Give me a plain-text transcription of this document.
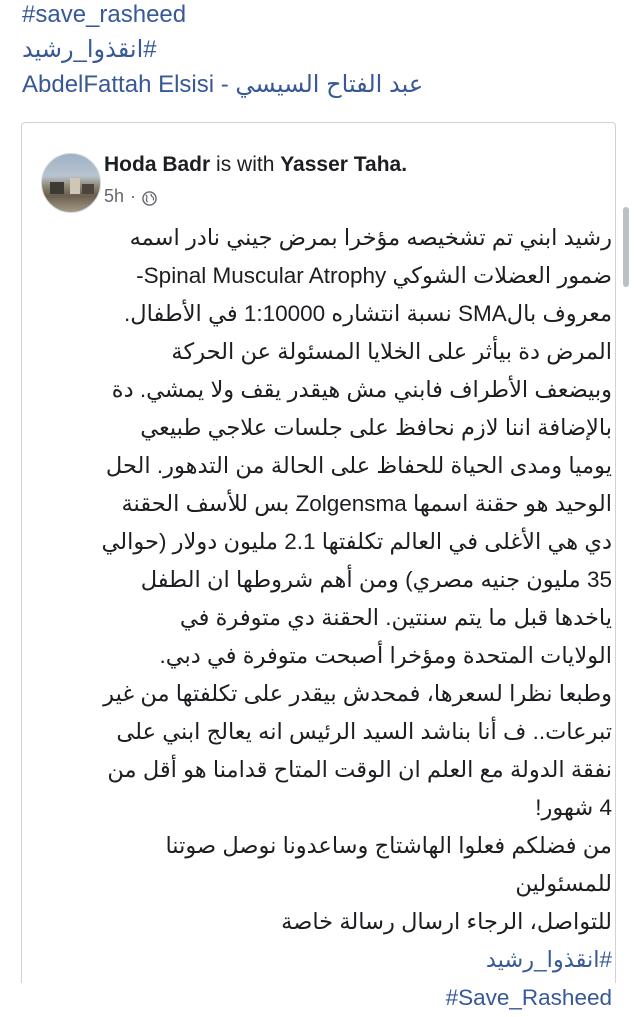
#save_rasheed
#انقذوا_رشيد
AbdelFattah Elsisi - عبد الفتاح السيسي
Hoda Badr is with Yasser Taha.
5h ·
رشيد ابني تم تشخيصه مؤخرا بمرض جيني نادر اسمه
ضمور العضلات الشوكي Spinal Muscular Atrophy-
معروف بالSMA نسبة انتشاره 1:10000 في الأطفال.
المرض دة بيأثر على الخلايا المسئولة عن الحركة
وبيضعف الأطراف فابني مش هيقدر يقف ولا يمشي. دة
بالإضافة اننا لازم نحافظ على جلسات علاجي طبيعي
يوميا ومدى الحياة للحفاظ على الحالة من التدهور. الحل
الوحيد هو حقنة اسمها Zolgensma بس للأسف الحقنة
دي هي الأغلى في العالم تكلفتها 2.1 مليون دولار (حوالي
35 مليون جنيه مصري) ومن أهم شروطها ان الطفل
ياخدها قبل ما يتم سنتين. الحقنة دي متوفرة في
الولايات المتحدة ومؤخرا أصبحت متوفرة في دبي.
وطبعا نظرا لسعرها، فمحدش بيقدر على تكلفتها من غير
تبرعات.. ف أنا بناشد السيد الرئيس انه يعالج ابني على
نفقة الدولة مع العلم ان الوقت المتاح قدامنا هو أقل من
4 شهور!
من فضلكم فعلوا الهاشتاج وساعدونا نوصل صوتنا
للمسئولين
للتواصل، الرجاء ارسال رسالة خاصة
#انقذوا_رشيد
#Save_Rasheed
